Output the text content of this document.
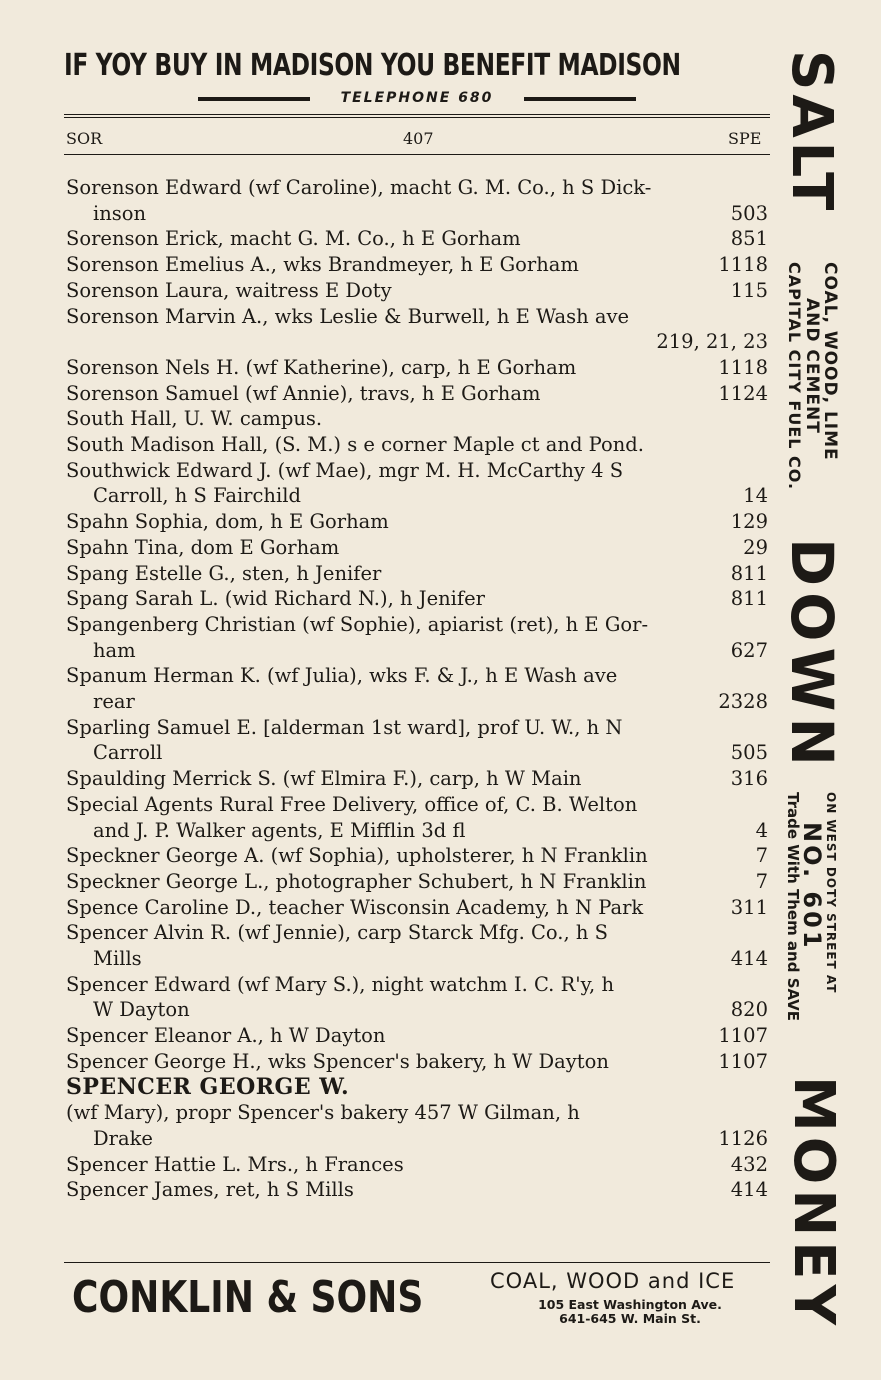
IF YOY BUY IN MADISON YOU BENEFIT MADISON
TELEPHONE 680
SOR	407	SPE
Sorenson Edward (wf Caroline), macht G. M. Co., h S Dick-
inson	503
Sorenson Erick, macht G. M. Co., h E Gorham	851
Sorenson Emelius A., wks Brandmeyer, h E Gorham	1118
Sorenson Laura, waitress E Doty	115
Sorenson Marvin A., wks Leslie & Burwell, h E Wash ave
219, 21, 23
Sorenson Nels H. (wf Katherine), carp, h E Gorham	1118
Sorenson Samuel (wf Annie), travs, h E Gorham	1124
South Hall, U. W. campus.
South Madison Hall, (S. M.) s e corner Maple ct and Pond.
Southwick Edward J. (wf Mae), mgr M. H. McCarthy 4 S
Carroll, h S Fairchild	14
Spahn Sophia, dom, h E Gorham	129
Spahn Tina, dom E Gorham	29
Spang Estelle G., sten, h Jenifer	811
Spang Sarah L. (wid Richard N.), h Jenifer	811
Spangenberg Christian (wf Sophie), apiarist (ret), h E Gor-
ham	627
Spanum Herman K. (wf Julia), wks F. & J., h E Wash ave
rear	2328
Sparling Samuel E. [alderman 1st ward], prof U. W., h N
Carroll	505
Spaulding Merrick S. (wf Elmira F.), carp, h W Main	316
Special Agents Rural Free Delivery, office of, C. B. Welton
and J. P. Walker agents, E Mifflin 3d fl	4
Speckner George A. (wf Sophia), upholsterer, h N Franklin	7
Speckner George L., photographer Schubert, h N Franklin	7
Spence Caroline D., teacher Wisconsin Academy, h N Park	311
Spencer Alvin R. (wf Jennie), carp Starck Mfg. Co., h S
Mills	414
Spencer Edward (wf Mary S.), night watchm I. C. R'y, h
W Dayton	820
Spencer Eleanor A., h W Dayton	1107
Spencer George H., wks Spencer's bakery, h W Dayton	1107
SPENCER GEORGE W.
(wf Mary), propr Spencer's bakery 457 W Gilman, h
Drake	1126
Spencer Hattie L. Mrs., h Frances	432
Spencer James, ret, h S Mills	414
SALT
COAL, WOOD, LIME
AND CEMENT
CAPITAL CITY FUEL CO.
DOWN
ON WEST DOTY STREET AT
NO. 601
Trade With Them and SAVE
MONEY
CONKLIN & SONS	COAL, WOOD and ICE
105 East Washington Ave.
641-645 W. Main St.
